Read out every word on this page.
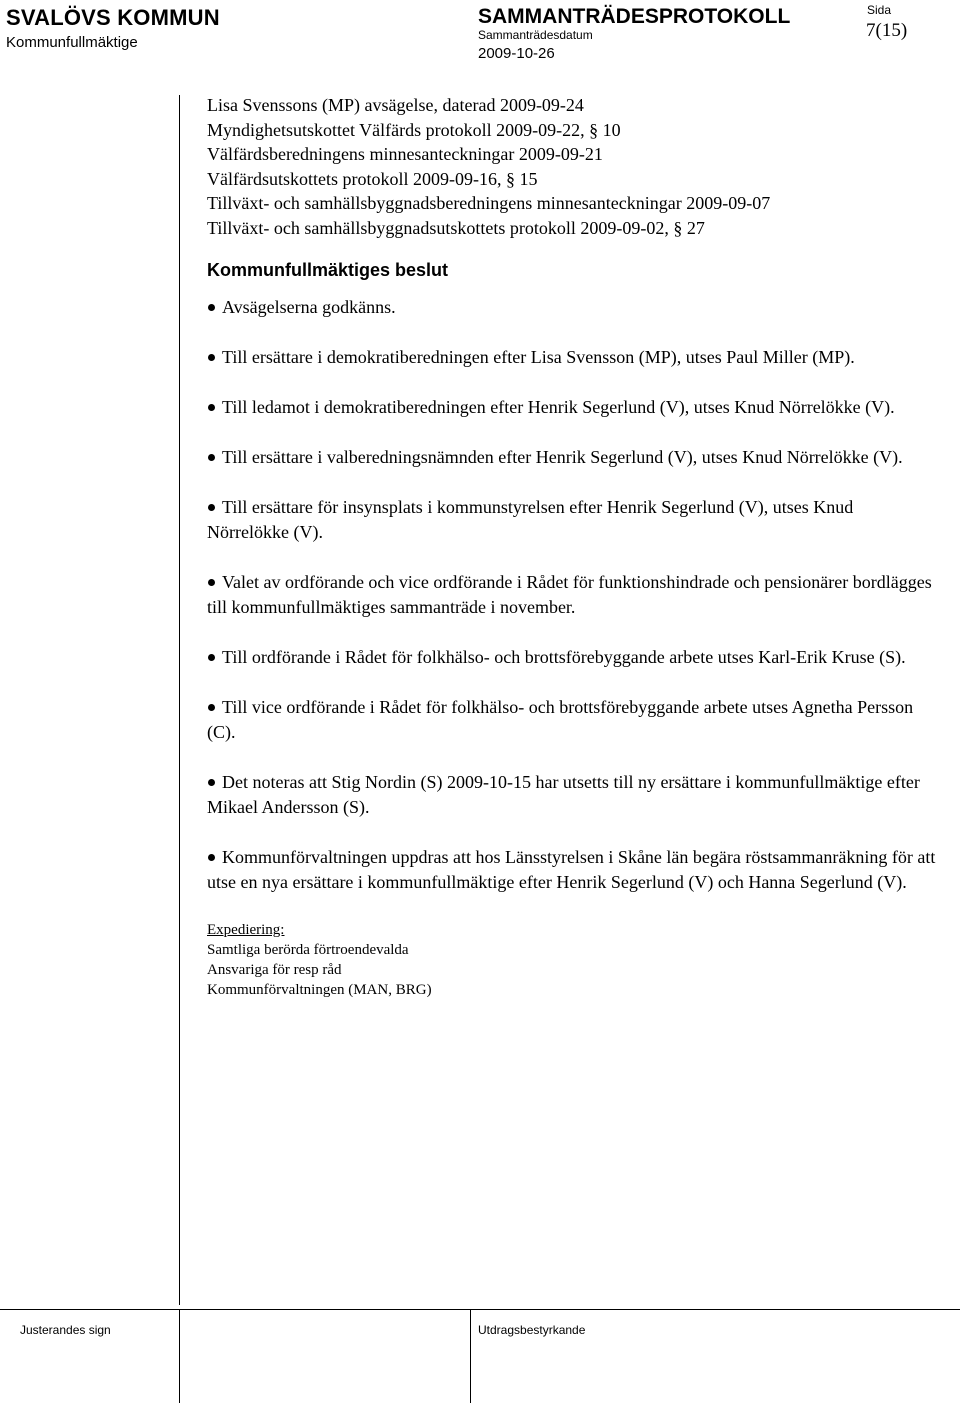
SVALÖVS KOMMUN
Kommunfullmäktige
SAMMANTRÄDESPROTOKOLL
Sammanträdesdatum
2009-10-26
Sida
7(15)
Lisa Svenssons (MP) avsägelse, daterad 2009-09-24
Myndighetsutskottet Välfärds protokoll 2009-09-22, § 10
Välfärdsberedningens minnesanteckningar 2009-09-21
Välfärdsutskottets protokoll 2009-09-16, § 15
Tillväxt- och samhällsbyggnadsberedningens minnesanteckningar 2009-09-07
Tillväxt- och samhällsbyggnadsutskottets protokoll 2009-09-02, § 27
Kommunfullmäktiges beslut
Avsägelserna godkänns.
Till ersättare i demokratiberedningen efter Lisa Svensson (MP), utses Paul Miller (MP).
Till ledamot i demokratiberedningen efter Henrik Segerlund (V), utses Knud Nörrelökke (V).
Till ersättare i valberedningsnämnden efter Henrik Segerlund (V), utses Knud Nörrelökke (V).
Till ersättare för insynsplats i kommunstyrelsen efter Henrik Segerlund (V), utses Knud Nörrelökke (V).
Valet av ordförande och vice ordförande i Rådet för funktionshindrade och pensionärer bordlägges till kommunfullmäktiges sammanträde i november.
Till ordförande i Rådet för folkhälso- och brottsförebyggande arbete utses Karl-Erik Kruse (S).
Till vice ordförande i Rådet för folkhälso- och brottsförebyggande arbete utses Agnetha Persson (C).
Det noteras att Stig Nordin (S) 2009-10-15 har utsetts till ny ersättare i kommunfullmäktige efter Mikael Andersson (S).
Kommunförvaltningen uppdras att hos Länsstyrelsen i Skåne län begära röstsammanräkning för att utse en nya ersättare i kommunfullmäktige efter Henrik Segerlund (V) och Hanna Segerlund (V).
Expediering:
Samtliga berörda förtroendevalda
Ansvariga för resp råd
Kommunförvaltningen (MAN, BRG)
Justerandes sign	Utdragsbestyrkande
